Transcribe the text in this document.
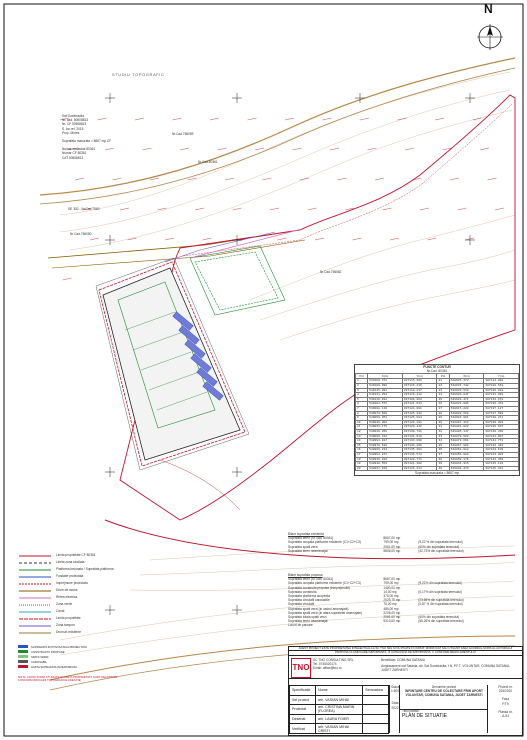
N
STUDIU TOPOGRAFIC
Sat Dumbravita
Nr. cad. 50508813
Nr. CF 50508813
S. loc.ref. 2015
Prop. Mures
Suprafata masurata = 8667 mp CF
Numar cadastral 80361
Numar CF 80361
CAT 50508813
DE 352 - Nr.Cad 7563
Nr.Cad.756059
Nr.Cad.80361
Nr.Cad.756050
Nr.Cad.756082
PUNCTE CONTUR
Nr.Cad. 80361
Pct	X(m)	Y(m)	Pct	X(m)	Y(m)
1	549186.372	387115.398	21	548935.372	387114.998
2	549160.098	387116.210	22	548934.742	387120.548
3	549145.881	387118.217	23	548933.519	387126.018
4	549131.254	387119.412	24	548930.847	387131.068
5	549116.912	387120.863	25	548926.471	387134.678
6	549101.572	387121.914	26	548921.086	387136.478
7	549088.119	387124.001	27	548915.228	387137.127
8	549073.660	387125.332	28	548908.569	387137.598
9	549060.051	387126.884	29	548903.001	387138.211
10	549046.802	387128.101	30	548897.314	387139.002
11	549033.175	387129.442	31	548891.022	387139.615
12	549019.850	387130.731	32	548885.147	387140.330
13	549006.412	387131.918	33	548879.520	387141.007
14	548993.027	387133.090	34	548873.691	387141.772
15	548979.618	387134.266	35	548867.804	387142.419
16	548966.244	387135.401	36	548861.912	387143.108
17	548952.872	387136.574	37	548856.083	387143.802
18	548946.018	387128.771	38	548850.176	387144.459
19	548940.553	387121.302	39	548844.315	387145.134
20	548937.016	387116.414	40	548838.470	387145.821
Suprafata masurata = 8667 mp
Bilant suprafata existenta
Suprafata teren (nr. cad. 80361)	8667,00 mp
Suprafata ocupata platforme existente (C1+C2+C3)	799,00 mp	(9,22 % din suprafata terenului)
Suprafata spatii verzi	2061,00 mp	(60% din suprafata terenului)
Suprafata teren neamenajat	5806,00 mp	(42,73% din suprafata terenului)
Bilant suprafata propusa
Suprafata teren (nr. cad. 80361)	8667,00 mp
Suprafata ocupata platforme existente (C1+C2+C3)	799,00 mp	(9,22% din suprafata terenului)
Suprafata construita propusa (inmprejmuite)	1480,00 mp
Suprafata construita	14,00 mp	(0,17% din suprafata terenului)
Suprafata platforma acoperita	375,00 mp
Suprafata circulatii carosabile	2025,75 mp	(23,65% din suprafata terenului)
Suprafata circulatii	75,00 mp	(0,87 % din suprafata terenului)
Suprafata spatii verzi (in cadrul amenajarii)	485,00 mp
Suprafata spatii verzi (in afara suprafetei amenajate)	2206,00 mp
Suprafata totala spatii verzi	2061,00 mp	(60% din suprafata terenului)
Suprafata teren neamenajat	5313,00 mp	(56,26% din suprafata terenului)
Locuri de parcare	-
Limita proprietate CF 80361
Limita zona studiata
Platforma betonata / Suprafata platforma
Fundatie proiectata
Imprejmuire proiectata
Drum de acces
Retea electrica
Zona verde
Canal
Limita proprietate
Zona tampon
Drumuri existente
SUPRAFATA FOTOVOLTAICA PROIECTATA
CONSTRUCTII PROPUSE
SPATII VERZI
CAROSABIL
LIMITA SUPRAFATA INVENTARIATA
NOTA: LIMITA ZONEI STUDIATE SI LIMITA PROPRIETATII SUNT DELIMITATE CONFORM RIDICARII TOPOGRAFICE ANEXATE
ACEST PROIECT ESTE PROPRIETATEA INTELECTUALA A SC TNO SRL SI NU POATE FI COPIAT, MODIFICAT SAU UTILIZAT FARA ACORDUL SCRIS AL AUTORULUI
PROPUSA CLASIFICARE IMPORTANTA: III CATEGORIA DE IMPORTANTA: C CONFORM REGULAMENTULUI
TNO
SC TNO CONSULTING SRL
Tel. 0745020174
Email: office@tno.ro
Beneficiar: COMUNA SATANIA
Amplasament sat Satania, str. Sat Dumbravita, f.N, P.F.T, VOLUNTAR, COMUNA SATANIA, JUDET ZARNESTI
Specificatie	Nume	Semnatura
Sef proiect	arh. VASIAN MIHAI	
Proiectat	arh. CRISTINA MARIN (FLOREA)	
Desenat	arh. LAURA FOIER	
Verificat	arh. VASIAN MIHAI CRISTI	
Scara
1:500
Data
2022
Denumire proiect
INFIINTARE CENTRU DE COLECTARE PRIN APORT VOLUNTAR, COMUNA SATANIA, JUDET ZARNESTI
Proiect nr.
234/2022
Faza
P.Th
Plansa nr.
A-03
Titlul planse
PLAN DE SITUATIE
